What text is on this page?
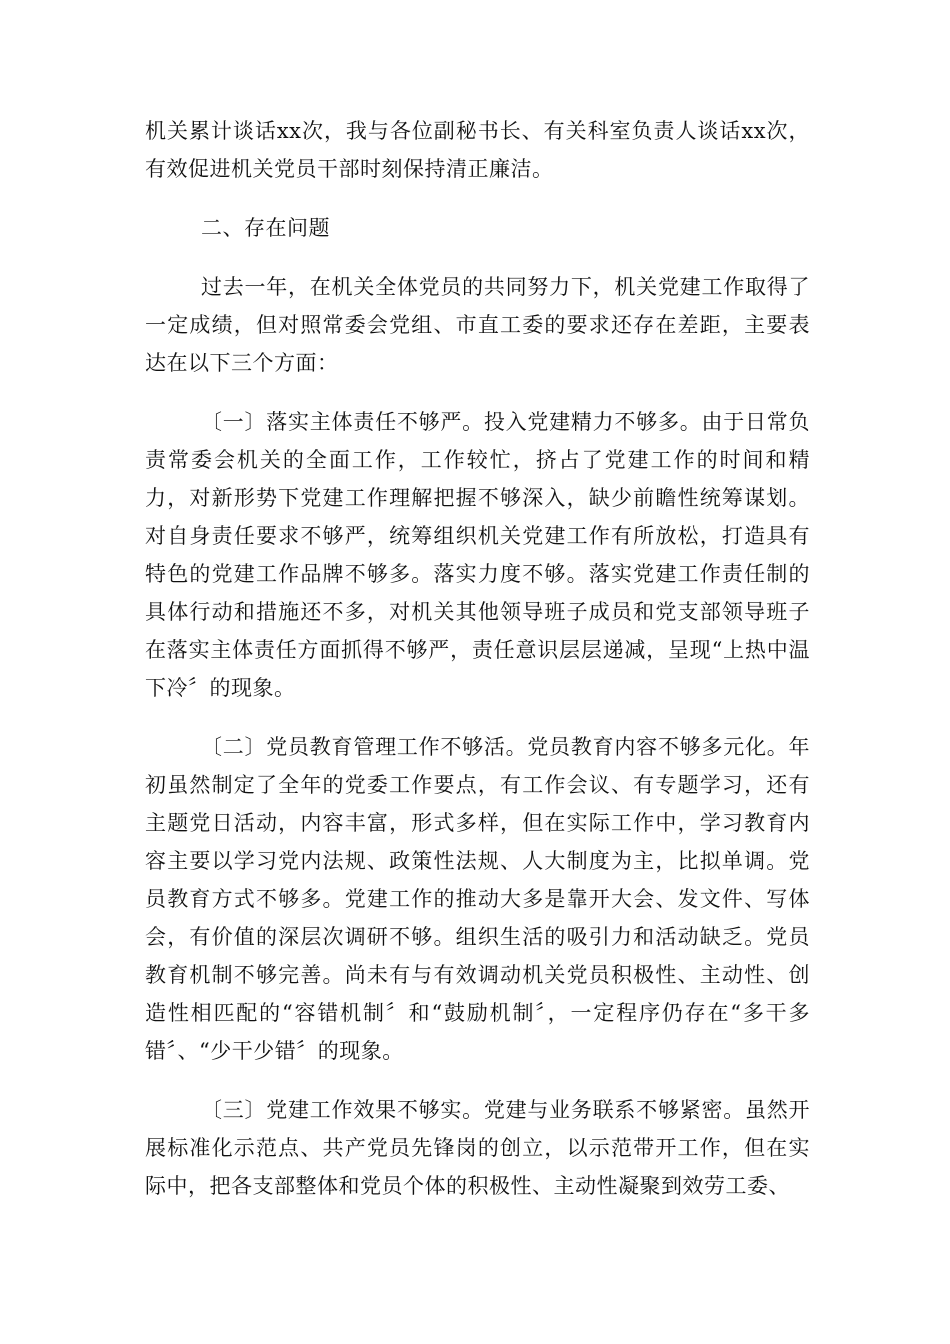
机关累计谈话xx次，我与各位副秘书长、有关科室负责人谈话xx次，有效促进机关党员干部时刻保持清正廉洁。

二、存在问题

过去一年，在机关全体党员的共同努力下，机关党建工作取得了一定成绩，但对照常委会党组、市直工委的要求还存在差距，主要表达在以下三个方面：

〔一〕落实主体责任不够严。投入党建精力不够多。由于日常负责常委会机关的全面工作，工作较忙，挤占了党建工作的时间和精力，对新形势下党建工作理解把握不够深入，缺少前瞻性统筹谋划。对自身责任要求不够严，统筹组织机关党建工作有所放松，打造具有特色的党建工作品牌不够多。落实力度不够。落实党建工作责任制的具体行动和措施还不多，对机关其他领导班子成员和党支部领导班子在落实主体责任方面抓得不够严，责任意识层层递减，呈现“上热中温下冷〞的现象。

〔二〕党员教育管理工作不够活。党员教育内容不够多元化。年初虽然制定了全年的党委工作要点，有工作会议、有专题学习，还有主题党日活动，内容丰富，形式多样，但在实际工作中，学习教育内容主要以学习党内法规、政策性法规、人大制度为主，比拟单调。党员教育方式不够多。党建工作的推动大多是靠开大会、发文件、写体会，有价值的深层次调研不够。组织生活的吸引力和活动缺乏。党员教育机制不够完善。尚未有与有效调动机关党员积极性、主动性、创造性相匹配的“容错机制〞和“鼓励机制〞，一定程序仍存在“多干多错〞、“少干少错〞的现象。

〔三〕党建工作效果不够实。党建与业务联系不够紧密。虽然开展标准化示范点、共产党员先锋岗的创立，以示范带开工作，但在实际中，把各支部整体和党员个体的积极性、主动性凝聚到效劳工委、
